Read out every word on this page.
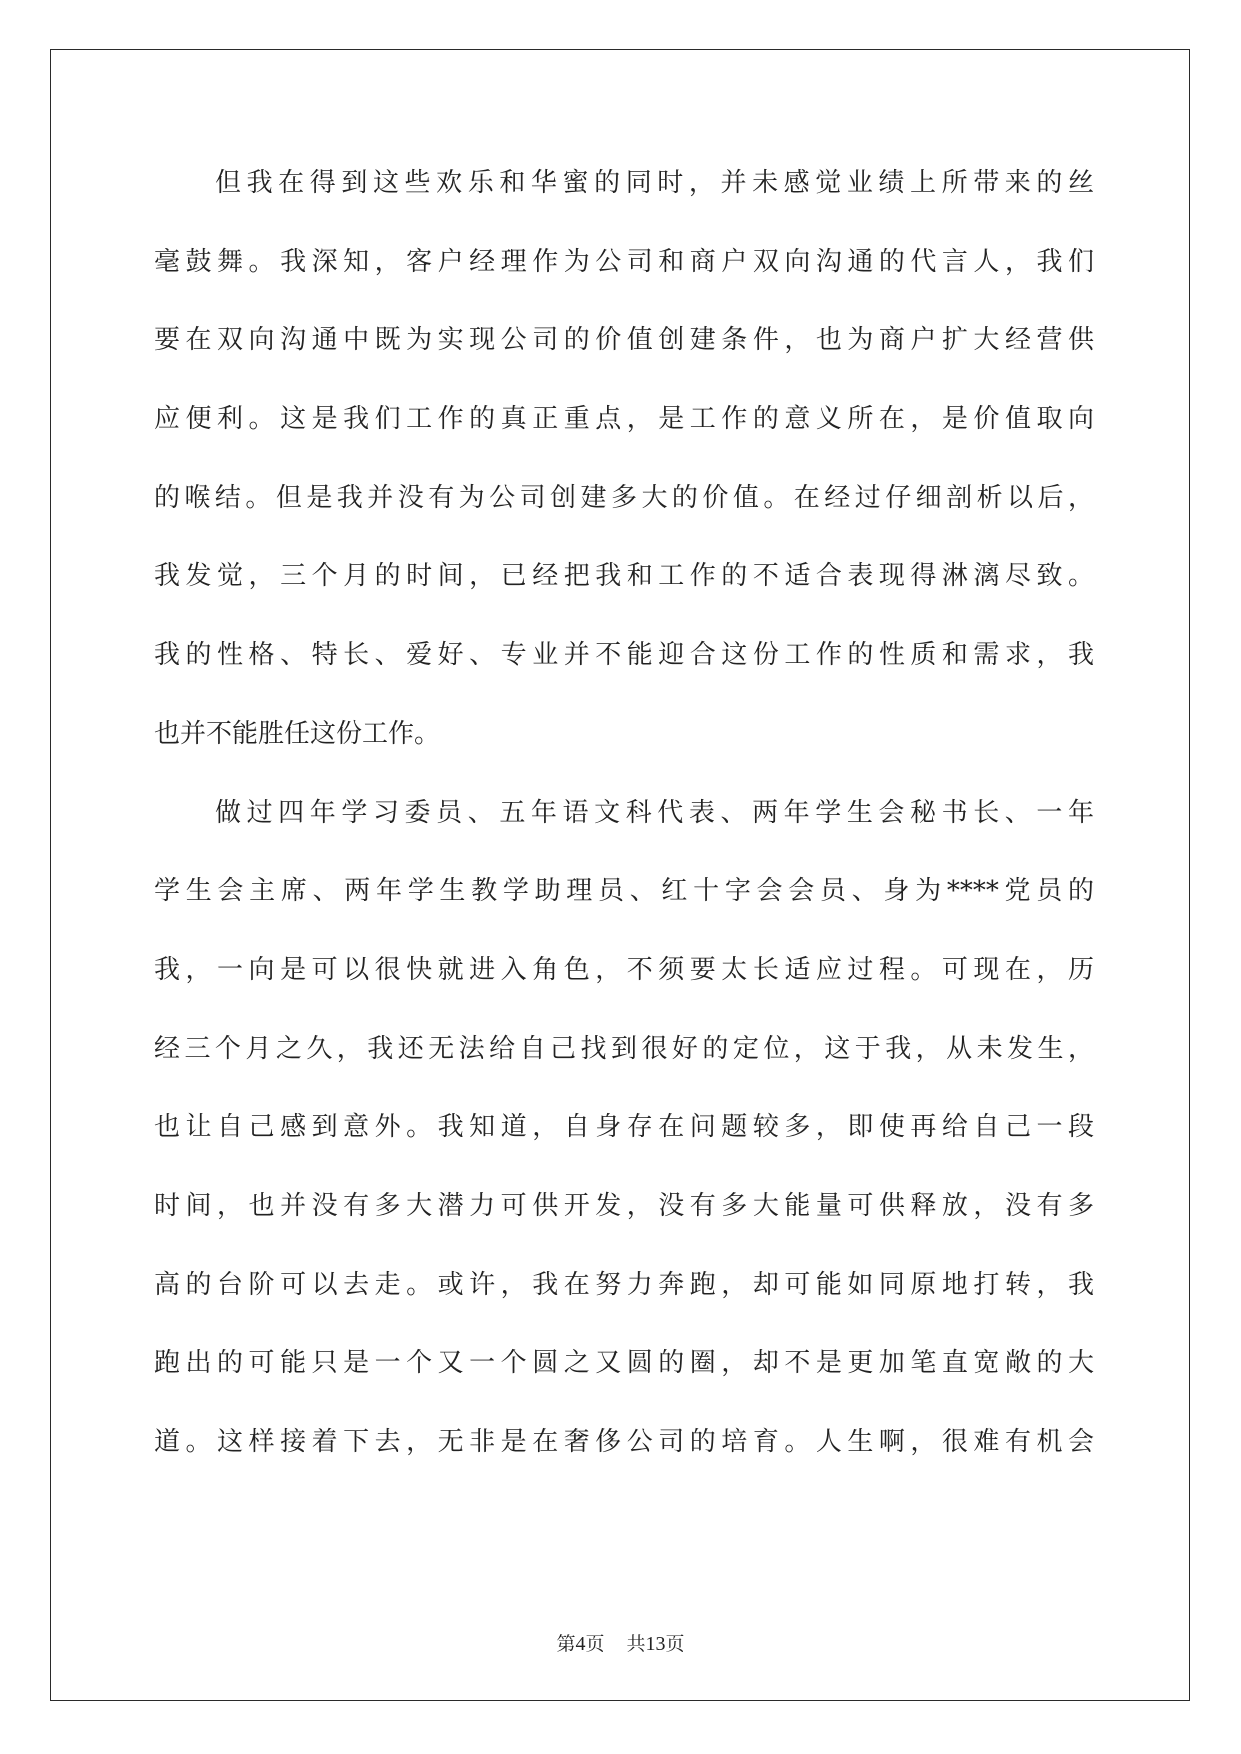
但我在得到这些欢乐和华蜜的同时，并未感觉业绩上所带来的丝
毫鼓舞。我深知，客户经理作为公司和商户双向沟通的代言人，我们
要在双向沟通中既为实现公司的价值创建条件，也为商户扩大经营供
应便利。这是我们工作的真正重点，是工作的意义所在，是价值取向
的喉结。但是我并没有为公司创建多大的价值。在经过仔细剖析以后，
我发觉，三个月的时间，已经把我和工作的不适合表现得淋漓尽致。
我的性格、特长、爱好、专业并不能迎合这份工作的性质和需求，我
也并不能胜任这份工作。
做过四年学习委员、五年语文科代表、两年学生会秘书长、一年
学生会主席、两年学生教学助理员、红十字会会员、身为****党员的
我，一向是可以很快就进入角色，不须要太长适应过程。可现在，历
经三个月之久，我还无法给自己找到很好的定位，这于我，从未发生，
也让自己感到意外。我知道，自身存在问题较多，即使再给自己一段
时间，也并没有多大潜力可供开发，没有多大能量可供释放，没有多
高的台阶可以去走。或许，我在努力奔跑，却可能如同原地打转，我
跑出的可能只是一个又一个圆之又圆的圈，却不是更加笔直宽敞的大
道。这样接着下去，无非是在奢侈公司的培育。人生啊，很难有机会
第4页 共13页
